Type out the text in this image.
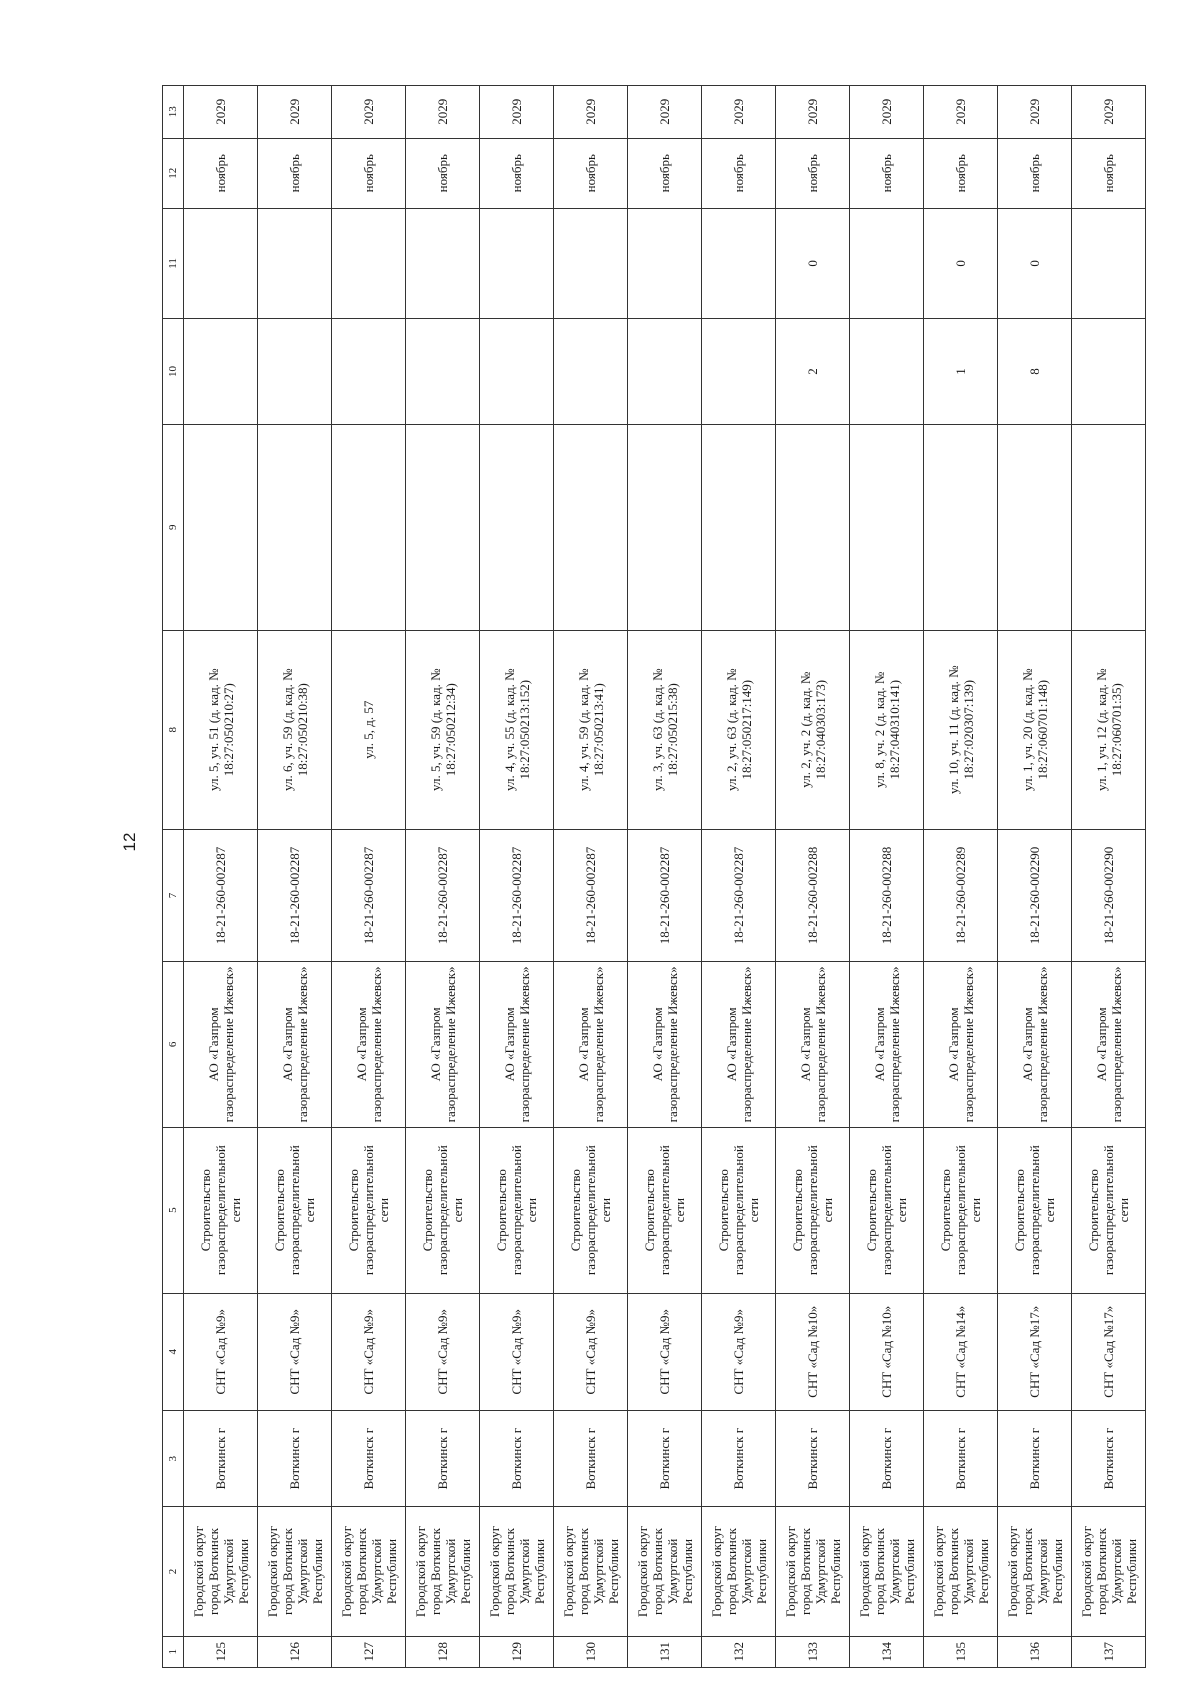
12
1	2	3	4	5	6	7	8	9	10	11	12	13
125	Городской округ город Воткинск Удмуртской Республики	Воткинск г	СНТ «Сад №9»	Строительство газораспределительной сети	АО «Газпром газораспределение Ижевск»	18-21-260-002287	ул. 5, уч. 51 (д. кад. № 18:27:050210:27)				ноябрь	2029
126	Городской округ город Воткинск Удмуртской Республики	Воткинск г	СНТ «Сад №9»	Строительство газораспределительной сети	АО «Газпром газораспределение Ижевск»	18-21-260-002287	ул. 6, уч. 59 (д. кад. № 18:27:050210:38)				ноябрь	2029
127	Городской округ город Воткинск Удмуртской Республики	Воткинск г	СНТ «Сад №9»	Строительство газораспределительной сети	АО «Газпром газораспределение Ижевск»	18-21-260-002287	ул. 5, д. 57				ноябрь	2029
128	Городской округ город Воткинск Удмуртской Республики	Воткинск г	СНТ «Сад №9»	Строительство газораспределительной сети	АО «Газпром газораспределение Ижевск»	18-21-260-002287	ул. 5, уч. 59 (д. кад. № 18:27:050212:34)				ноябрь	2029
129	Городской округ город Воткинск Удмуртской Республики	Воткинск г	СНТ «Сад №9»	Строительство газораспределительной сети	АО «Газпром газораспределение Ижевск»	18-21-260-002287	ул. 4, уч. 55 (д. кад. № 18:27:050213:152)				ноябрь	2029
130	Городской округ город Воткинск Удмуртской Республики	Воткинск г	СНТ «Сад №9»	Строительство газораспределительной сети	АО «Газпром газораспределение Ижевск»	18-21-260-002287	ул. 4, уч. 59 (д. кад. № 18:27:050213:41)				ноябрь	2029
131	Городской округ город Воткинск Удмуртской Республики	Воткинск г	СНТ «Сад №9»	Строительство газораспределительной сети	АО «Газпром газораспределение Ижевск»	18-21-260-002287	ул. 3, уч. 63 (д. кад. № 18:27:050215:38)				ноябрь	2029
132	Городской округ город Воткинск Удмуртской Республики	Воткинск г	СНТ «Сад №9»	Строительство газораспределительной сети	АО «Газпром газораспределение Ижевск»	18-21-260-002287	ул. 2, уч. 63 (д. кад. № 18:27:050217:149)				ноябрь	2029
133	Городской округ город Воткинск Удмуртской Республики	Воткинск г	СНТ «Сад №10»	Строительство газораспределительной сети	АО «Газпром газораспределение Ижевск»	18-21-260-002288	ул. 2, уч. 2 (д. кад. № 18:27:040303:173)		2	0	ноябрь	2029
134	Городской округ город Воткинск Удмуртской Республики	Воткинск г	СНТ «Сад №10»	Строительство газораспределительной сети	АО «Газпром газораспределение Ижевск»	18-21-260-002288	ул. 8, уч. 2 (д. кад. № 18:27:040310:141)				ноябрь	2029
135	Городской округ город Воткинск Удмуртской Республики	Воткинск г	СНТ «Сад №14»	Строительство газораспределительной сети	АО «Газпром газораспределение Ижевск»	18-21-260-002289	ул. 10, уч. 11 (д. кад. № 18:27:020307:139)		1	0	ноябрь	2029
136	Городской округ город Воткинск Удмуртской Республики	Воткинск г	СНТ «Сад №17»	Строительство газораспределительной сети	АО «Газпром газораспределение Ижевск»	18-21-260-002290	ул. 1, уч. 20 (д. кад. № 18:27:060701:148)		8	0	ноябрь	2029
137	Городской округ город Воткинск Удмуртской Республики	Воткинск г	СНТ «Сад №17»	Строительство газораспределительной сети	АО «Газпром газораспределение Ижевск»	18-21-260-002290	ул. 1, уч. 12 (д. кад. № 18:27:060701:35)				ноябрь	2029
